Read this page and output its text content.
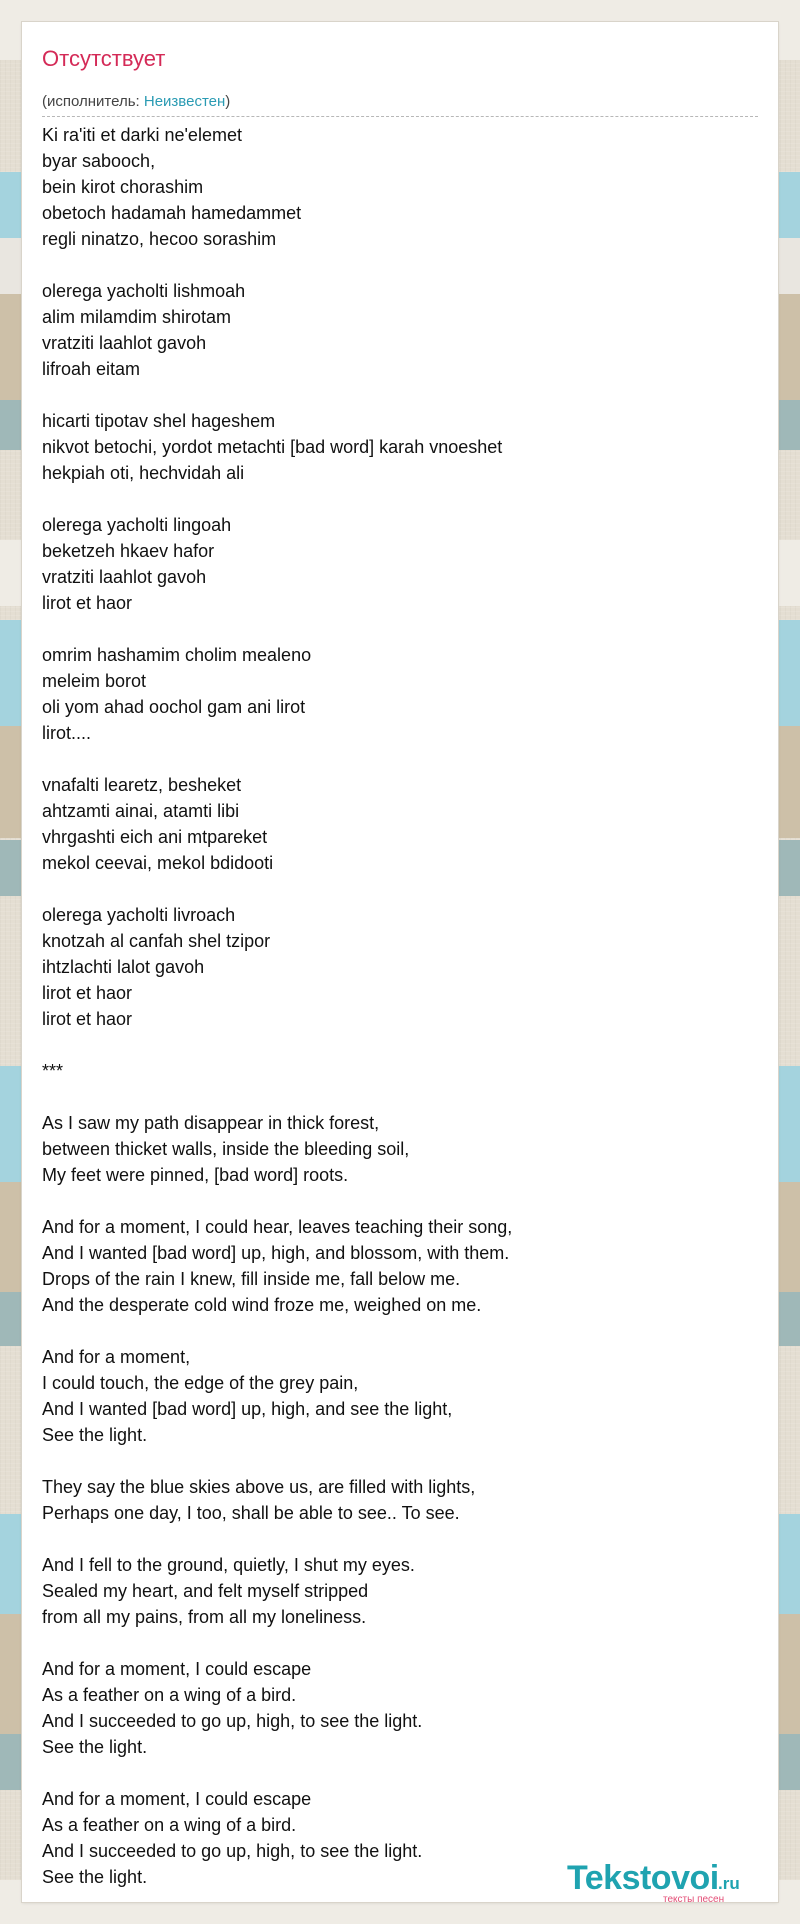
Отсутствует
(исполнитель: Неизвестен)
Ki ra'iti et darki ne'elemet
byar sabooch,
bein kirot chorashim
obetoch hadamah hamedammet
regli ninatzo, hecoo sorashim
olerega yacholti lishmoah
alim milamdim shirotam
vratziti laahlot gavoh
lifroah eitam
hicarti tipotav shel hageshem
nikvot betochi, yordot metachti [bad word] karah vnoeshet
hekpiah oti, hechvidah ali
olerega yacholti lingoah
beketzeh hkaev hafor
vratziti laahlot gavoh
lirot et haor
omrim hashamim cholim mealeno
meleim borot
oli yom ahad oochol gam ani lirot
lirot....
vnafalti learetz, besheket
ahtzamti ainai, atamti libi
vhrgashti eich ani mtpareket
mekol ceevai, mekol bdidooti
olerega yacholti livroach
knotzah al canfah shel tzipor
ihtzlachti lalot gavoh
lirot et haor
lirot et haor
***
As I saw my path disappear in thick forest,
between thicket walls, inside the bleeding soil,
My feet were pinned, [bad word] roots.
And for a moment, I could hear, leaves teaching their song,
And I wanted [bad word] up, high, and blossom, with them.
Drops of the rain I knew, fill inside me, fall below me.
And the desperate cold wind froze me, weighed on me.
And for a moment,
I could touch, the edge of the grey pain,
And I wanted [bad word] up, high, and see the light,
See the light.
They say the blue skies above us, are filled with lights,
Perhaps one day, I too, shall be able to see.. To see.
And I fell to the ground, quietly, I shut my eyes.
Sealed my heart, and felt myself stripped
from all my pains, from all my loneliness.
And for a moment, I could escape
As a feather on a wing of a bird.
And I succeeded to go up, high, to see the light.
See the light.
And for a moment, I could escape
As a feather on a wing of a bird.
And I succeeded to go up, high, to see the light.
See the light.	Tekstovoi .ru
тексты песен
